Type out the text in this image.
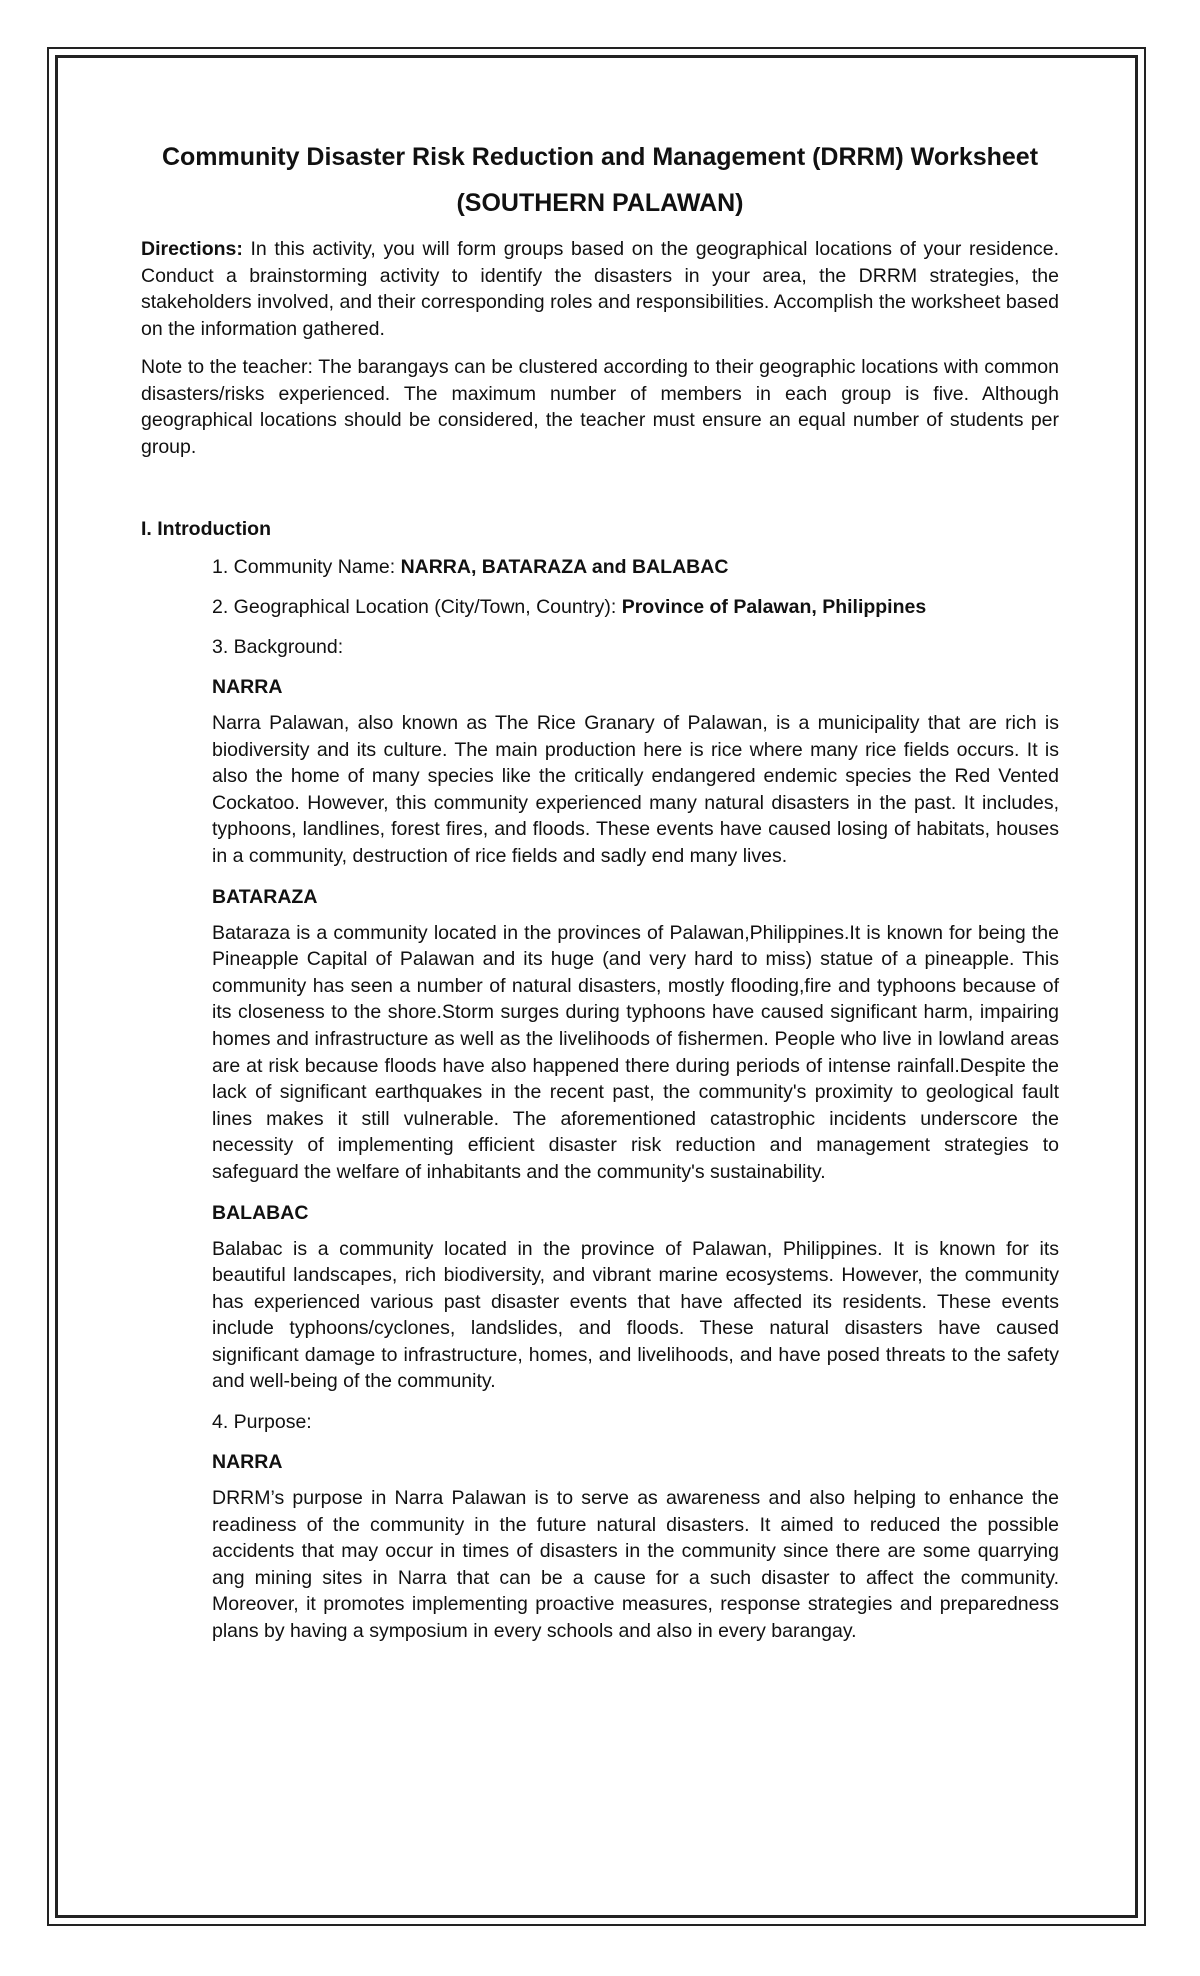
Community Disaster Risk Reduction and Management (DRRM) Worksheet
(SOUTHERN PALAWAN)

Directions: In this activity, you will form groups based on the geographical locations of your residence. Conduct a brainstorming activity to identify the disasters in your area, the DRRM strategies, the stakeholders involved, and their corresponding roles and responsibilities. Accomplish the worksheet based on the information gathered.

Note to the teacher: The barangays can be clustered according to their geographic locations with common disasters/risks experienced. The maximum number of members in each group is five. Although geographical locations should be considered, the teacher must ensure an equal number of students per group.

I. Introduction
1. Community Name: NARRA, BATARAZA and BALABAC
2. Geographical Location (City/Town, Country): Province of Palawan, Philippines
3. Background:
NARRA
Narra Palawan, also known as The Rice Granary of Palawan, is a municipality that are rich is biodiversity and its culture. The main production here is rice where many rice fields occurs. It is also the home of many species like the critically endangered endemic species the Red Vented Cockatoo. However, this community experienced many natural disasters in the past. It includes, typhoons, landlines, forest fires, and floods. These events have caused losing of habitats, houses in a community, destruction of rice fields and sadly end many lives.
BATARAZA
Bataraza is a community located in the provinces of Palawan,Philippines.It is known for being the Pineapple Capital of Palawan and its huge (and very hard to miss) statue of a pineapple. This community has seen a number of natural disasters, mostly flooding,fire and typhoons because of its closeness to the shore.Storm surges during typhoons have caused significant harm, impairing homes and infrastructure as well as the livelihoods of fishermen. People who live in lowland areas are at risk because floods have also happened there during periods of intense rainfall.Despite the lack of significant earthquakes in the recent past, the community's proximity to geological fault lines makes it still vulnerable. The aforementioned catastrophic incidents underscore the necessity of implementing efficient disaster risk reduction and management strategies to safeguard the welfare of inhabitants and the community's sustainability.
BALABAC
Balabac is a community located in the province of Palawan, Philippines. It is known for its beautiful landscapes, rich biodiversity, and vibrant marine ecosystems. However, the community has experienced various past disaster events that have affected its residents. These events include typhoons/cyclones, landslides, and floods. These natural disasters have caused significant damage to infrastructure, homes, and livelihoods, and have posed threats to the safety and well-being of the community.
4. Purpose:
NARRA
DRRM’s purpose in Narra Palawan is to serve as awareness and also helping to enhance the readiness of the community in the future natural disasters. It aimed to reduced the possible accidents that may occur in times of disasters in the community since there are some quarrying ang mining sites in Narra that can be a cause for a such disaster to affect the community. Moreover, it promotes implementing proactive measures, response strategies and preparedness plans by having a symposium in every schools and also in every barangay.
